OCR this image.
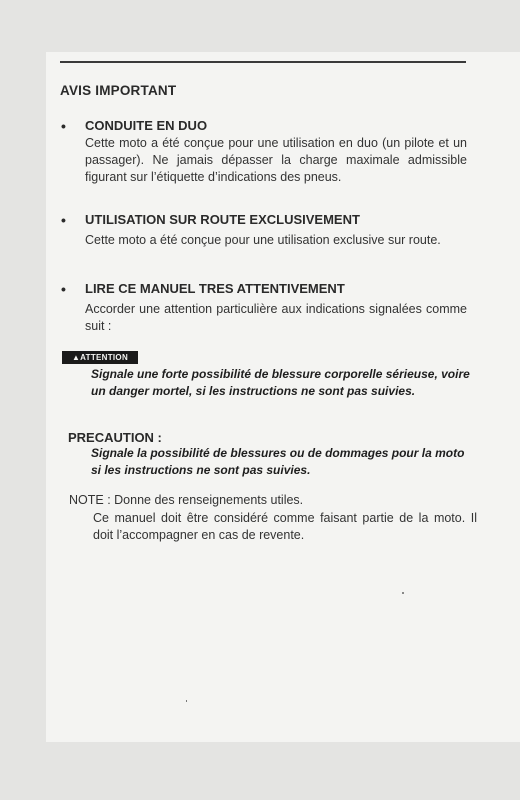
AVIS IMPORTANT
• CONDUITE EN DUO
Cette moto a été conçue pour une utilisation en duo (un pilote et un passager). Ne jamais dépasser la charge maximale admissible figurant sur l’étiquette d’indications des pneus.
• UTILISATION SUR ROUTE EXCLUSIVEMENT
Cette moto a été conçue pour une utilisation exclusive sur route.
• LIRE CE MANUEL TRES ATTENTIVEMENT
Accorder une attention particulière aux indications signalées comme suit :
▲ATTENTION
Signale une forte possibilité de blessure corporelle sérieuse, voire un danger mortel, si les instructions ne sont pas suivies.
PRECAUTION :
Signale la possibilité de blessures ou de dommages pour la moto si les instructions ne sont pas suivies.
NOTE : Donne des renseignements utiles.
Ce manuel doit être considéré comme faisant partie de la moto. Il doit l’accompagner en cas de revente.
